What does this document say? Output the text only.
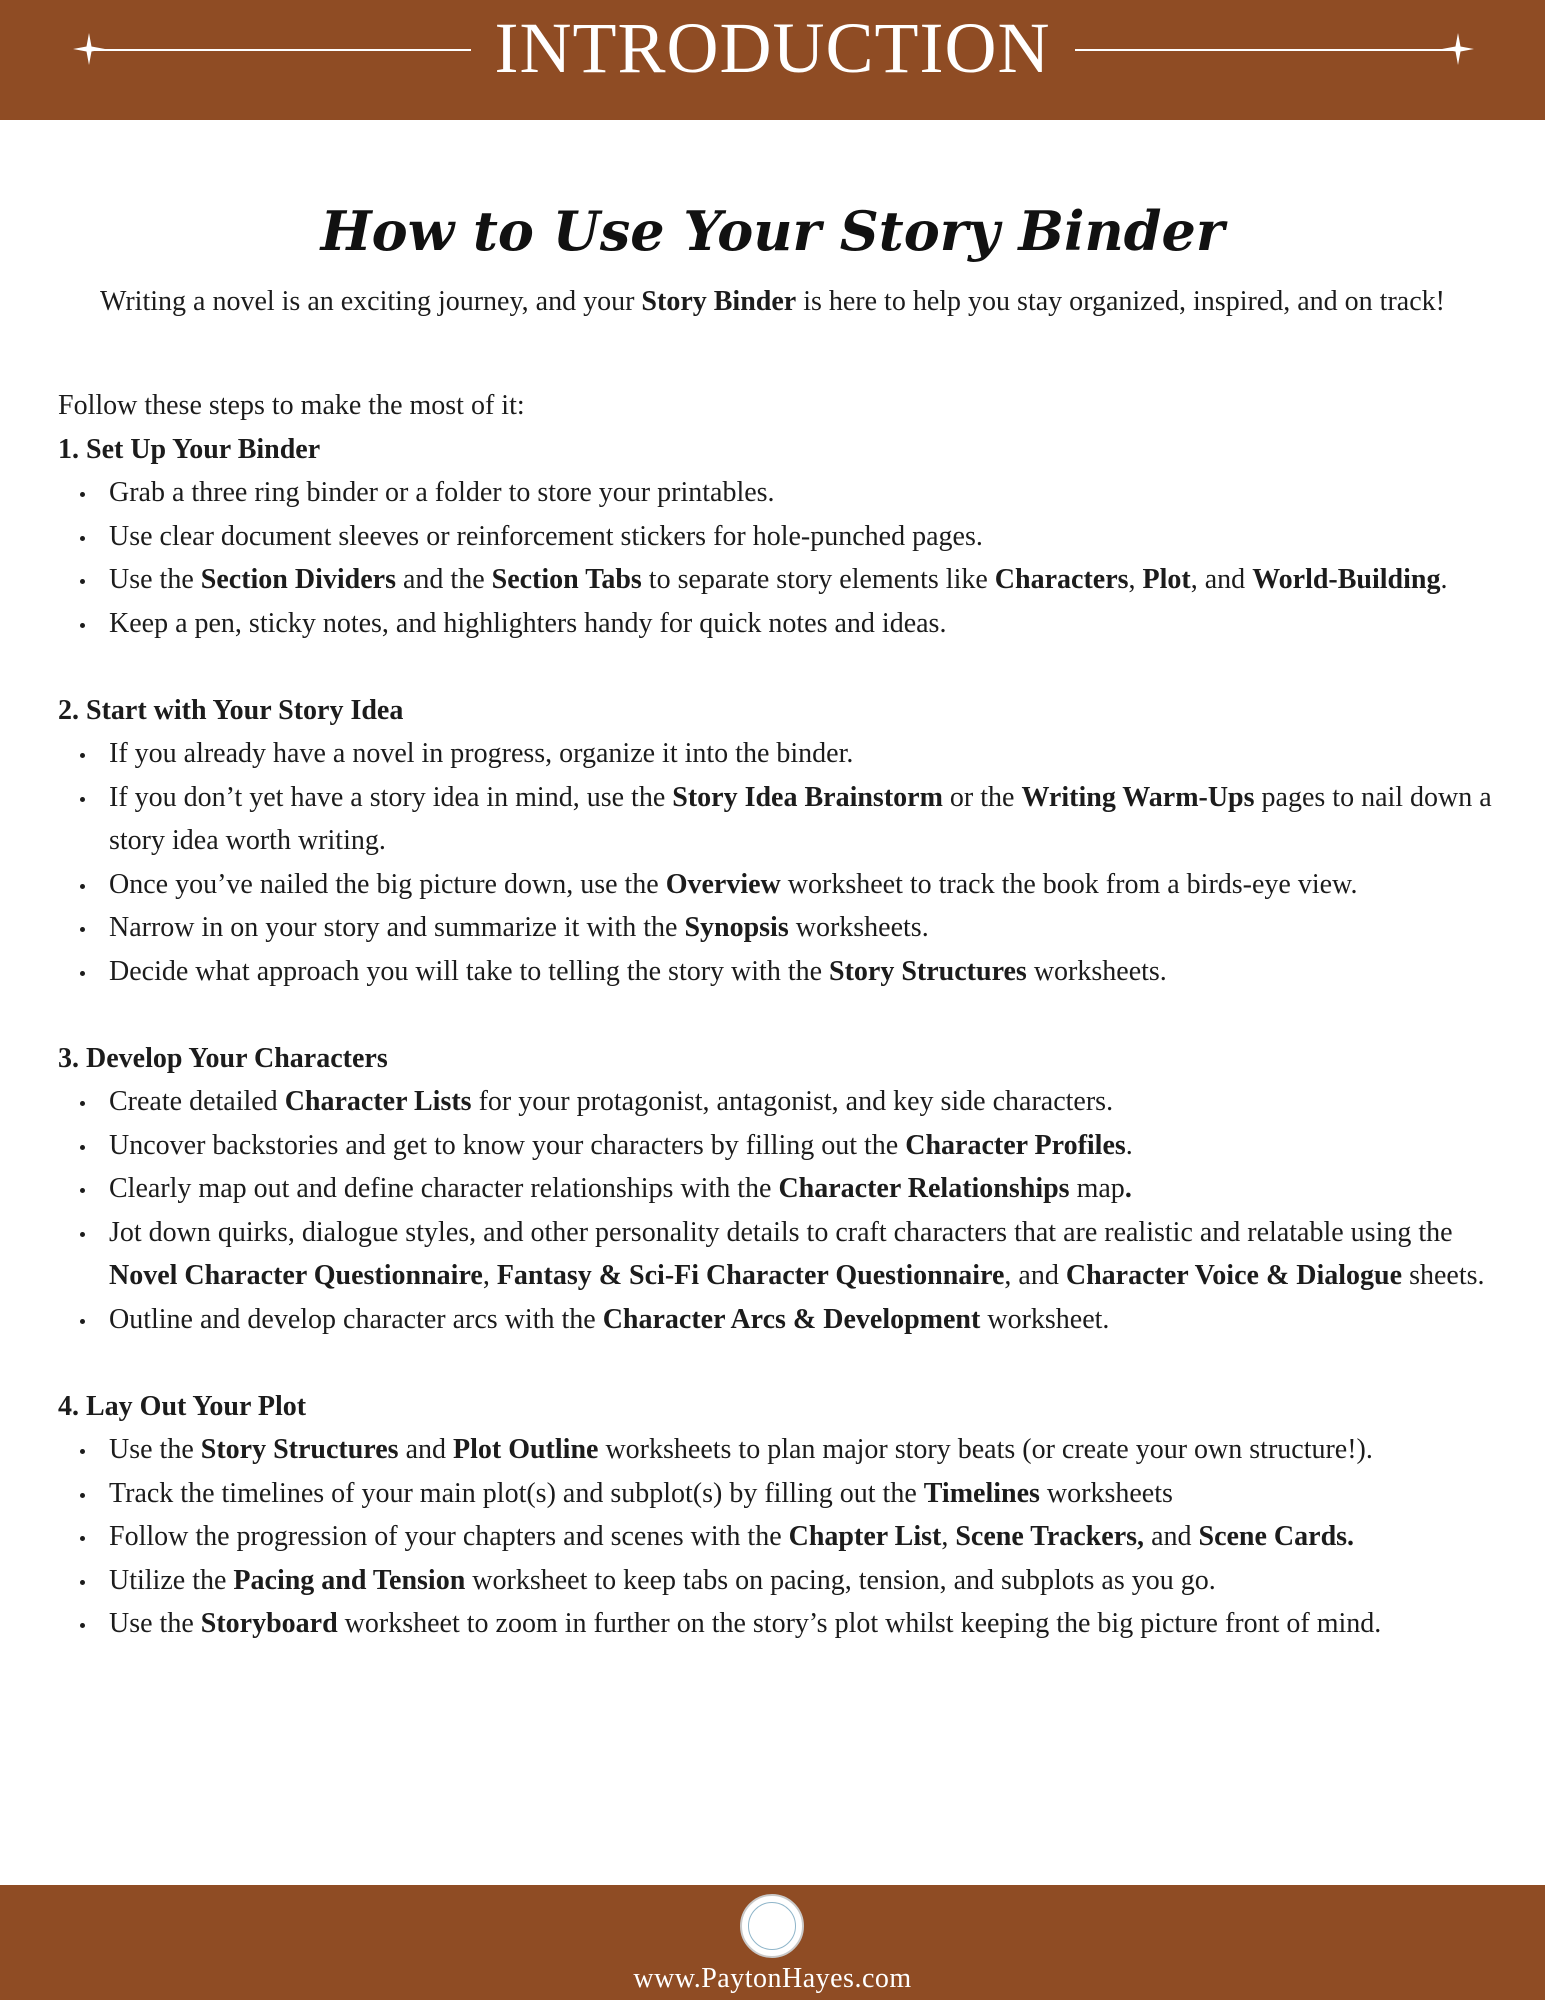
INTRODUCTION
How to Use Your Story Binder

Writing a novel is an exciting journey, and your Story Binder is here to help you stay organized, inspired, and on track!

Follow these steps to make the most of it:

1. Set Up Your Binder

Grab a three ring binder or a folder to store your printables.
Use clear document sleeves or reinforcement stickers for hole-punched pages.
Use the Section Dividers and the Section Tabs to separate story elements like Characters, Plot, and World-Building.
Keep a pen, sticky notes, and highlighters handy for quick notes and ideas.

2. Start with Your Story Idea

If you already have a novel in progress, organize it into the binder.
If you don’t yet have a story idea in mind, use the Story Idea Brainstorm or the Writing Warm-Ups pages to nail down a story idea worth writing.
Once you’ve nailed the big picture down, use the Overview worksheet to track the book from a birds-eye view.
Narrow in on your story and summarize it with the Synopsis worksheets.
Decide what approach you will take to telling the story with the Story Structures worksheets.

3. Develop Your Characters

Create detailed Character Lists for your protagonist, antagonist, and key side characters.
Uncover backstories and get to know your characters by filling out the Character Profiles.
Clearly map out and define character relationships with the Character Relationships map.
Jot down quirks, dialogue styles, and other personality details to craft characters that are realistic and relatable using the Novel Character Questionnaire, Fantasy & Sci-Fi Character Questionnaire, and Character Voice & Dialogue sheets.
Outline and develop character arcs with the Character Arcs & Development worksheet.

4. Lay Out Your Plot

Use the Story Structures and Plot Outline worksheets to plan major story beats (or create your own structure!).
Track the timelines of your main plot(s) and subplot(s) by filling out the Timelines worksheets
Follow the progression of your chapters and scenes with the Chapter List, Scene Trackers, and Scene Cards.
Utilize the Pacing and Tension worksheet to keep tabs on pacing, tension, and subplots as you go.
Use the Storyboard worksheet to zoom in further on the story’s plot whilst keeping the big picture front of mind.
www.PaytonHayes.com
